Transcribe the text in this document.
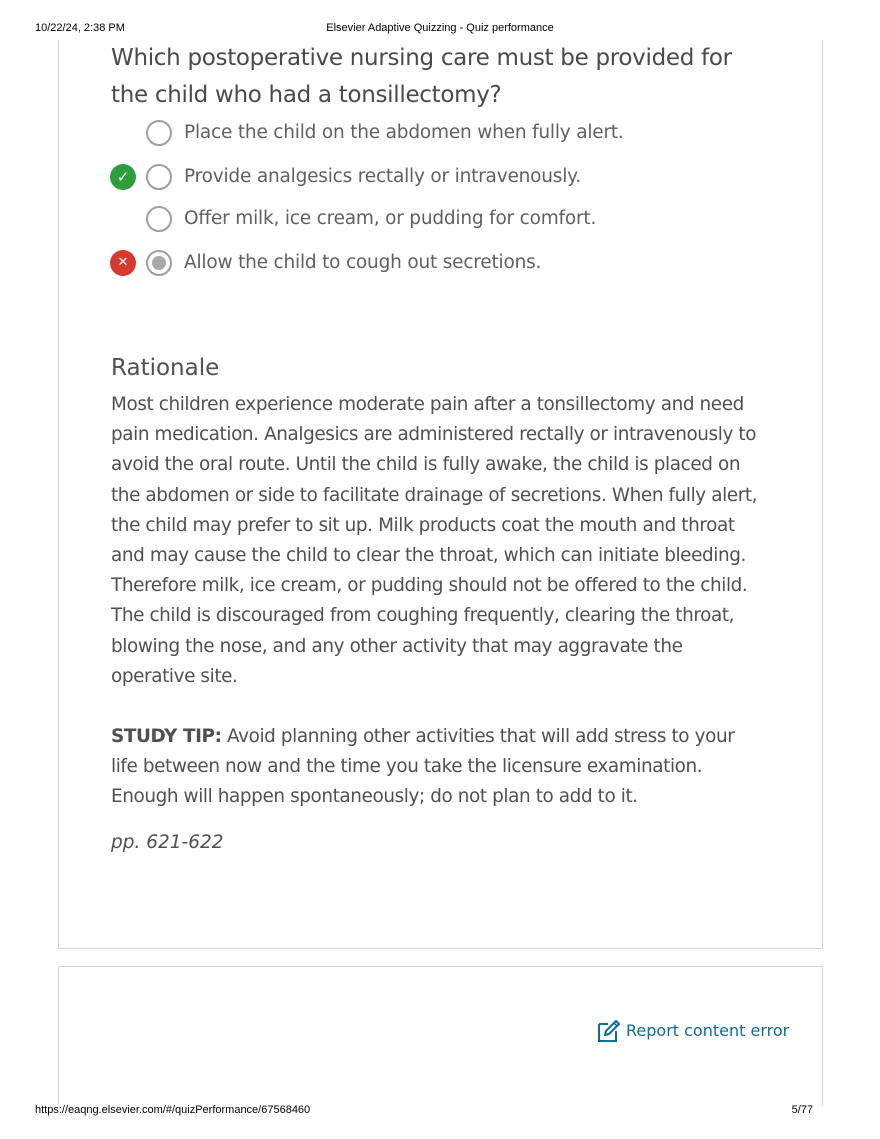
10/22/24, 2:38 PM	Elsevier Adaptive Quizzing - Quiz performance
Which postoperative nursing care must be provided for the child who had a tonsillectomy?
Place the child on the abdomen when fully alert.
✓	Provide analgesics rectally or intravenously.
Offer milk, ice cream, or pudding for comfort.
✕	Allow the child to cough out secretions.
Rationale
Most children experience moderate pain after a tonsillectomy and need pain medication. Analgesics are administered rectally or intravenously to avoid the oral route. Until the child is fully awake, the child is placed on the abdomen or side to facilitate drainage of secretions. When fully alert, the child may prefer to sit up. Milk products coat the mouth and throat and may cause the child to clear the throat, which can initiate bleeding. Therefore milk, ice cream, or pudding should not be offered to the child. The child is discouraged from coughing frequently, clearing the throat, blowing the nose, and any other activity that may aggravate the operative site.
STUDY TIP: Avoid planning other activities that will add stress to your life between now and the time you take the licensure examination. Enough will happen spontaneously; do not plan to add to it.
pp. 621-622
Report content error
https://eaqng.elsevier.com/#/quizPerformance/67568460	5/77
